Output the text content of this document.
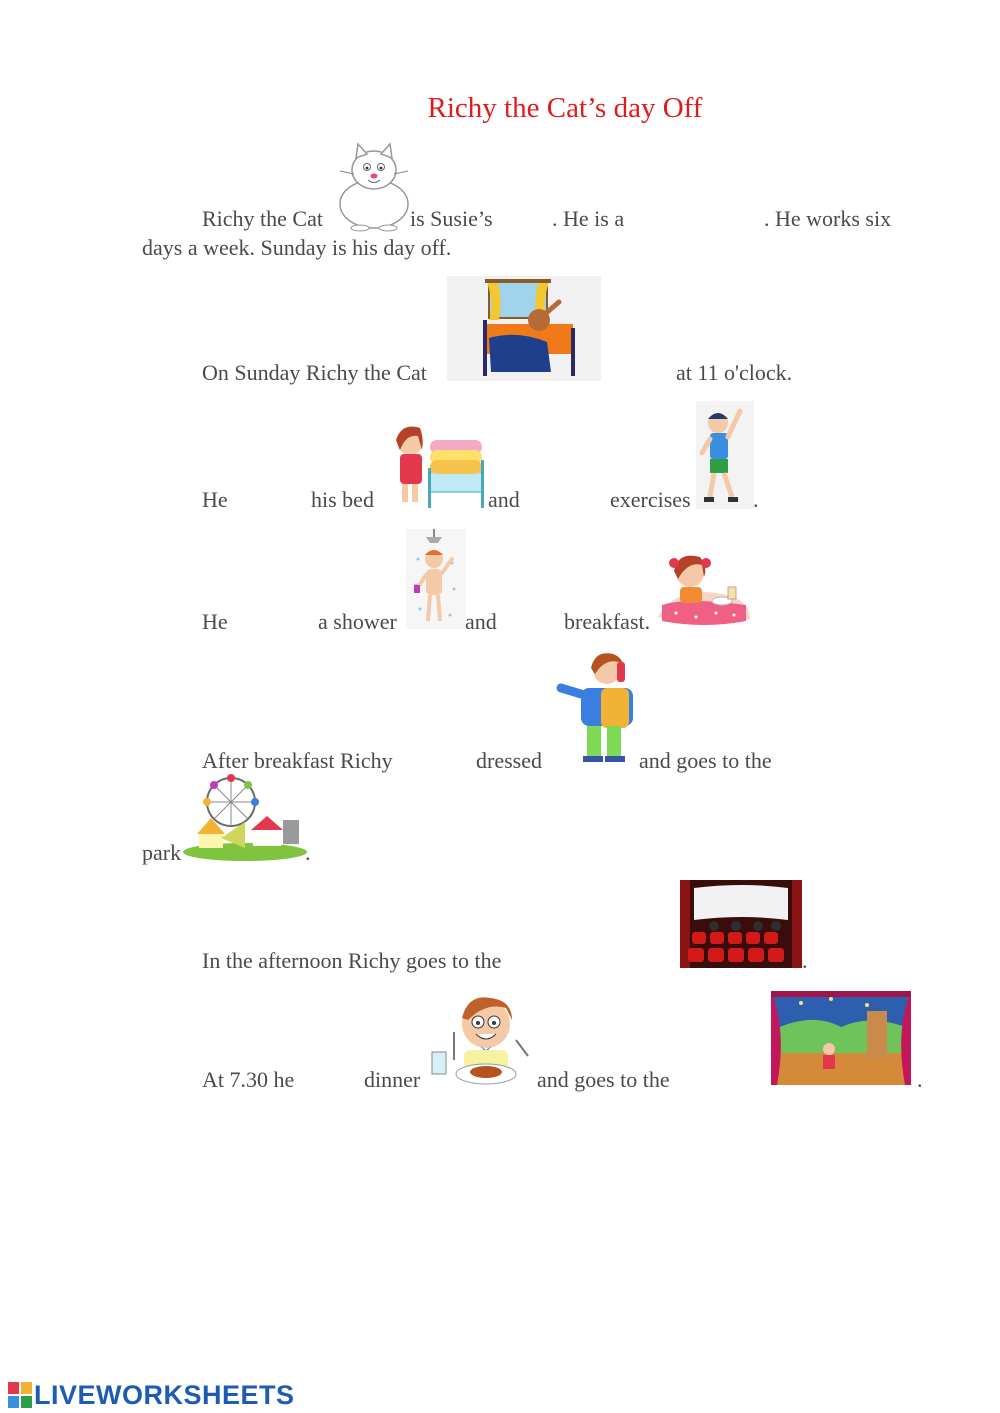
Richy the Cat’s day Off
Richy the Cat	is Susie’s	. He is a	. He works six
days a week. Sunday is his day off.
On Sunday Richy the Cat	at 11 o'clock.
He	his bed	and	exercises	.
He	a shower	and	breakfast.
After breakfast Richy	dressed	and goes to the
park	.
In the afternoon Richy goes to the	.
At 7.30 he	dinner	and goes to the	.
LIVEWORKSHEETS
